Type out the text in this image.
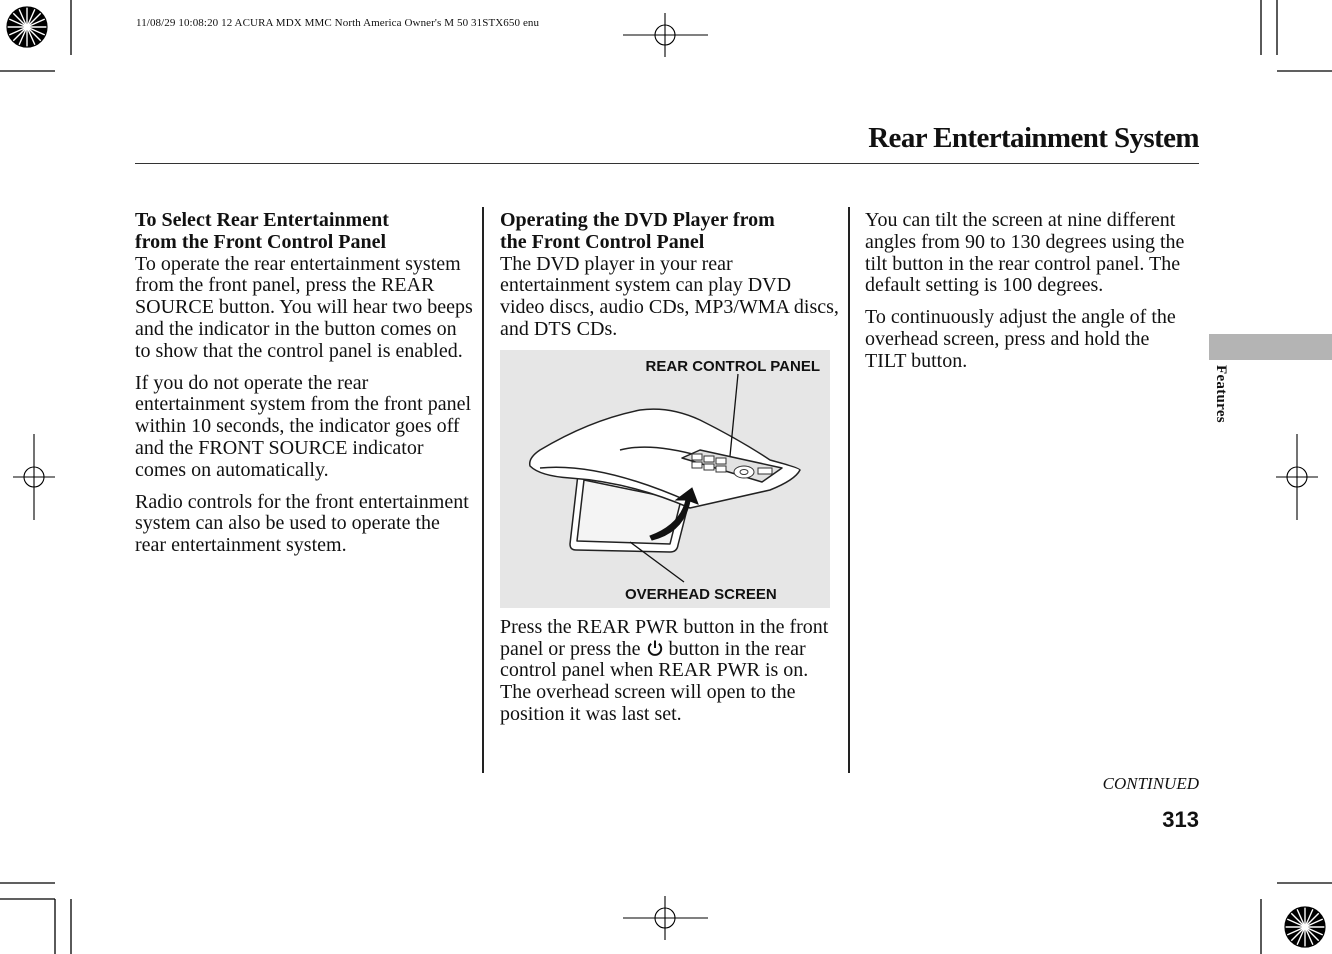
11/08/29 10:08:20 12 ACURA MDX MMC North America Owner's M 50 31STX650 enu
Rear Entertainment System
To Select Rear Entertainment
from the Front Control Panel

To operate the rear entertainment system from the front panel, press the REAR SOURCE button. You will hear two beeps and the indicator in the button comes on to show that the control panel is enabled.

If you do not operate the rear entertainment system from the front panel within 10 seconds, the indicator goes off and the FRONT SOURCE indicator comes on automatically.

Radio controls for the front entertainment system can also be used to operate the rear entertainment system.

Operating the DVD Player from
the Front Control Panel

The DVD player in your rear entertainment system can play DVD video discs, audio CDs, MP3/WMA discs, and DTS CDs.

REAR CONTROL PANEL
OVERHEAD SCREEN

Press the REAR PWR button in the front panel or press the button in the rear control panel when REAR PWR is on. The overhead screen will open to the position it was last set.

You can tilt the screen at nine different angles from 90 to 130 degrees using the tilt button in the rear control panel. The default setting is 100 degrees.

To continuously adjust the angle of the overhead screen, press and hold the TILT button.

Features
CONTINUED
313
